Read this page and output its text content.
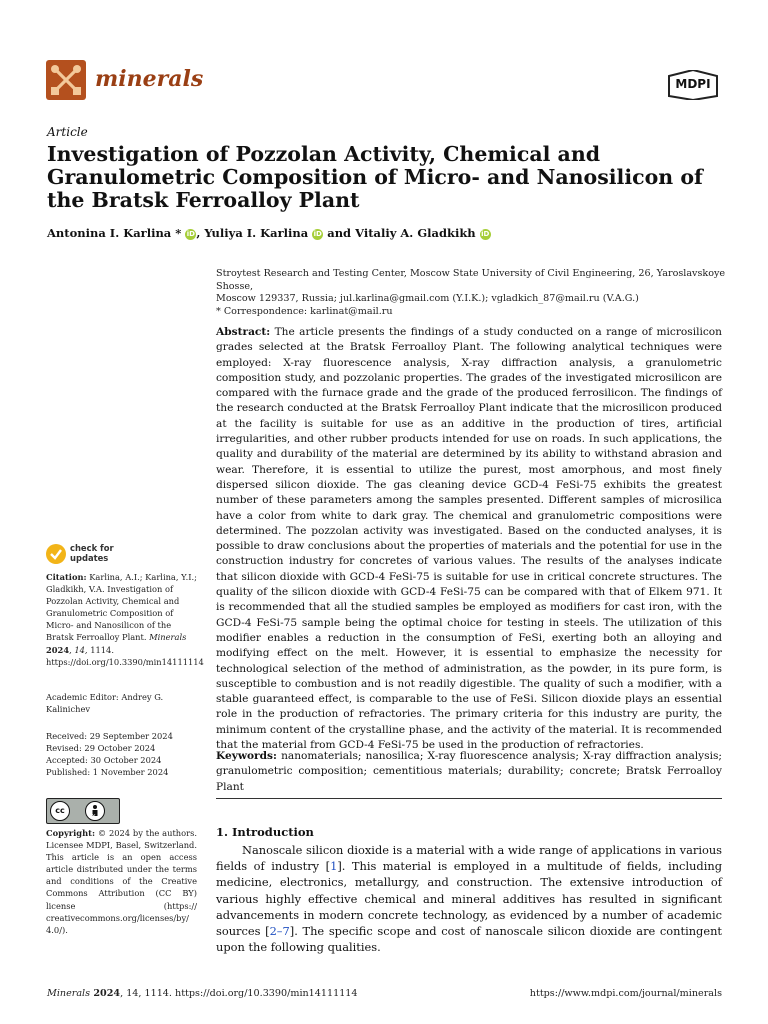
minerals	MDPI
Article
Investigation of Pozzolan Activity, Chemical and Granulometric Composition of Micro- and Nanosilicon of the Bratsk Ferroalloy Plant
Antonina I. Karlina * iD, Yuliya I. Karlina iD and Vitaliy A. Gladkikh iD
Stroytest Research and Testing Center, Moscow State University of Civil Engineering, 26, Yaroslavskoye Shosse,
Moscow 129337, Russia; jul.karlina@gmail.com (Y.I.K.); vgladkich_87@mail.ru (V.A.G.)
* Correspondence: karlinat@mail.ru
Abstract: The article presents the findings of a study conducted on a range of microsilicon grades selected at the Bratsk Ferroalloy Plant. The following analytical techniques were employed: X-ray fluorescence analysis, X-ray diffraction analysis, a granulometric composition study, and pozzolanic properties. The grades of the investigated microsilicon are compared with the furnace grade and the grade of the produced ferrosilicon. The findings of the research conducted at the Bratsk Ferroalloy Plant indicate that the microsilicon produced at the facility is suitable for use as an additive in the production of tires, artificial irregularities, and other rubber products intended for use on roads. In such applications, the quality and durability of the material are determined by its ability to withstand abrasion and wear. Therefore, it is essential to utilize the purest, most amorphous, and most finely dispersed silicon dioxide. The gas cleaning device GCD-4 FeSi-75 exhibits the greatest number of these parameters among the samples presented. Different samples of microsilica have a color from white to dark gray. The chemical and granulometric compositions were determined. The pozzolan activity was investigated. Based on the conducted analyses, it is possible to draw conclusions about the properties of materials and the potential for use in the construction industry for concretes of various values. The results of the analyses indicate that silicon dioxide with GCD-4 FeSi-75 is suitable for use in critical concrete structures. The quality of the silicon dioxide with GCD-4 FeSi-75 can be compared with that of Elkem 971. It is recommended that all the studied samples be employed as modifiers for cast iron, with the GCD-4 FeSi-75 sample being the optimal choice for testing in steels. The utilization of this modifier enables a reduction in the consumption of FeSi, exerting both an alloying and modifying effect on the melt. However, it is essential to emphasize the necessity for technological selection of the method of administration, as the powder, in its pure form, is susceptible to combustion and is not readily digestible. The quality of such a modifier, with a stable guaranteed effect, is comparable to the use of FeSi. Silicon dioxide plays an essential role in the production of refractories. The primary criteria for this industry are purity, the minimum content of the crystalline phase, and the activity of the material. It is recommended that the material from GCD-4 FeSi-75 be used in the production of refractories.
Keywords: nanomaterials; nanosilica; X-ray fluorescence analysis; X-ray diffraction analysis; granulometric composition; cementitious materials; durability; concrete; Bratsk Ferroalloy Plant
1. Introduction
Nanoscale silicon dioxide is a material with a wide range of applications in various fields of industry [1]. This material is employed in a multitude of fields, including medicine, electronics, metallurgy, and construction. The extensive introduction of various highly effective chemical and mineral additives has resulted in significant advancements in modern concrete technology, as evidenced by a number of academic sources [2–7]. The specific scope and cost of nanoscale silicon dioxide are contingent upon the following qualities.
check for
updates
Citation: Karlina, A.I.; Karlina, Y.I.; Gladkikh, V.A. Investigation of Pozzolan Activity, Chemical and Granulometric Composition of Micro- and Nanosilicon of the Bratsk Ferroalloy Plant. Minerals 2024, 14, 1114. https://doi.org/10.3390/min14111114
Academic Editor: Andrey G. Kalinichev
Received: 29 September 2024
Revised: 29 October 2024
Accepted: 30 October 2024
Published: 1 November 2024
cc
BY
Copyright: © 2024 by the authors. Licensee MDPI, Basel, Switzerland. This article is an open access article distributed under the terms and conditions of the Creative Commons Attribution (CC BY) license (https:// creativecommons.org/licenses/by/ 4.0/).
Minerals 2024, 14, 1114. https://doi.org/10.3390/min14111114	https://www.mdpi.com/journal/minerals
